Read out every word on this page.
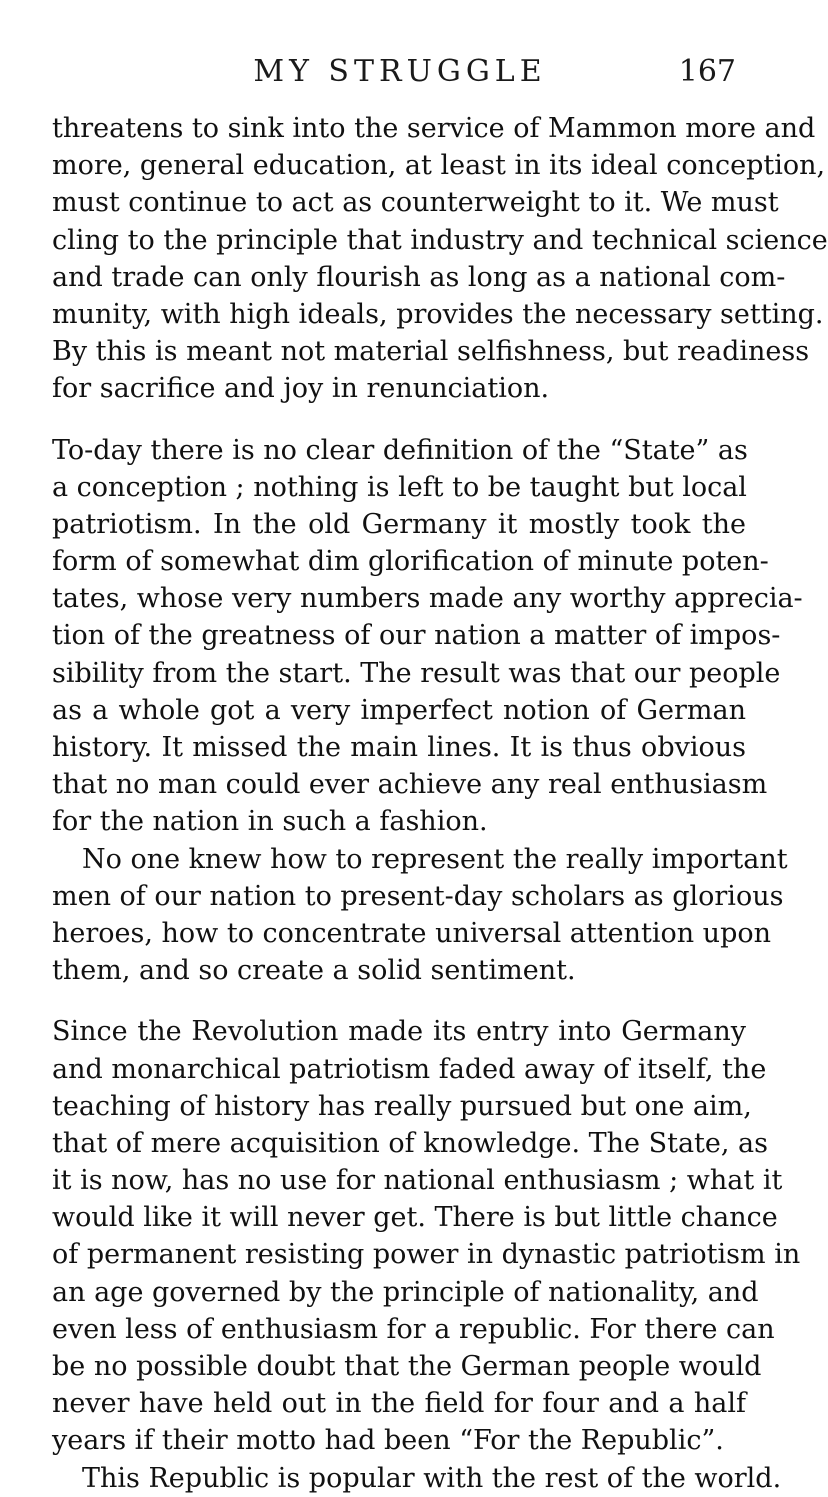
MY STRUGGLE	167
threatens to sink into the service of Mammon more and
more, general education, at least in its ideal conception,
must continue to act as counterweight to it. We must
cling to the principle that industry and technical science
and trade can only flourish as long as a national com-
munity, with high ideals, provides the necessary setting.
By this is meant not material selfishness, but readiness
for sacrifice and joy in renunciation.
To-day there is no clear definition of the “State” as
a conception ; nothing is left to be taught but local
patriotism. In the old Germany it mostly took the
form of somewhat dim glorification of minute poten-
tates, whose very numbers made any worthy apprecia-
tion of the greatness of our nation a matter of impos-
sibility from the start. The result was that our people
as a whole got a very imperfect notion of German
history. It missed the main lines. It is thus obvious
that no man could ever achieve any real enthusiasm
for the nation in such a fashion.
No one knew how to represent the really important
men of our nation to present-day scholars as glorious
heroes, how to concentrate universal attention upon
them, and so create a solid sentiment.
Since the Revolution made its entry into Germany
and monarchical patriotism faded away of itself, the
teaching of history has really pursued but one aim,
that of mere acquisition of knowledge. The State, as
it is now, has no use for national enthusiasm ; what it
would like it will never get. There is but little chance
of permanent resisting power in dynastic patriotism in
an age governed by the principle of nationality, and
even less of enthusiasm for a republic. For there can
be no possible doubt that the German people would
never have held out in the field for four and a half
years if their motto had been “For the Republic”.
This Republic is popular with the rest of the world.
